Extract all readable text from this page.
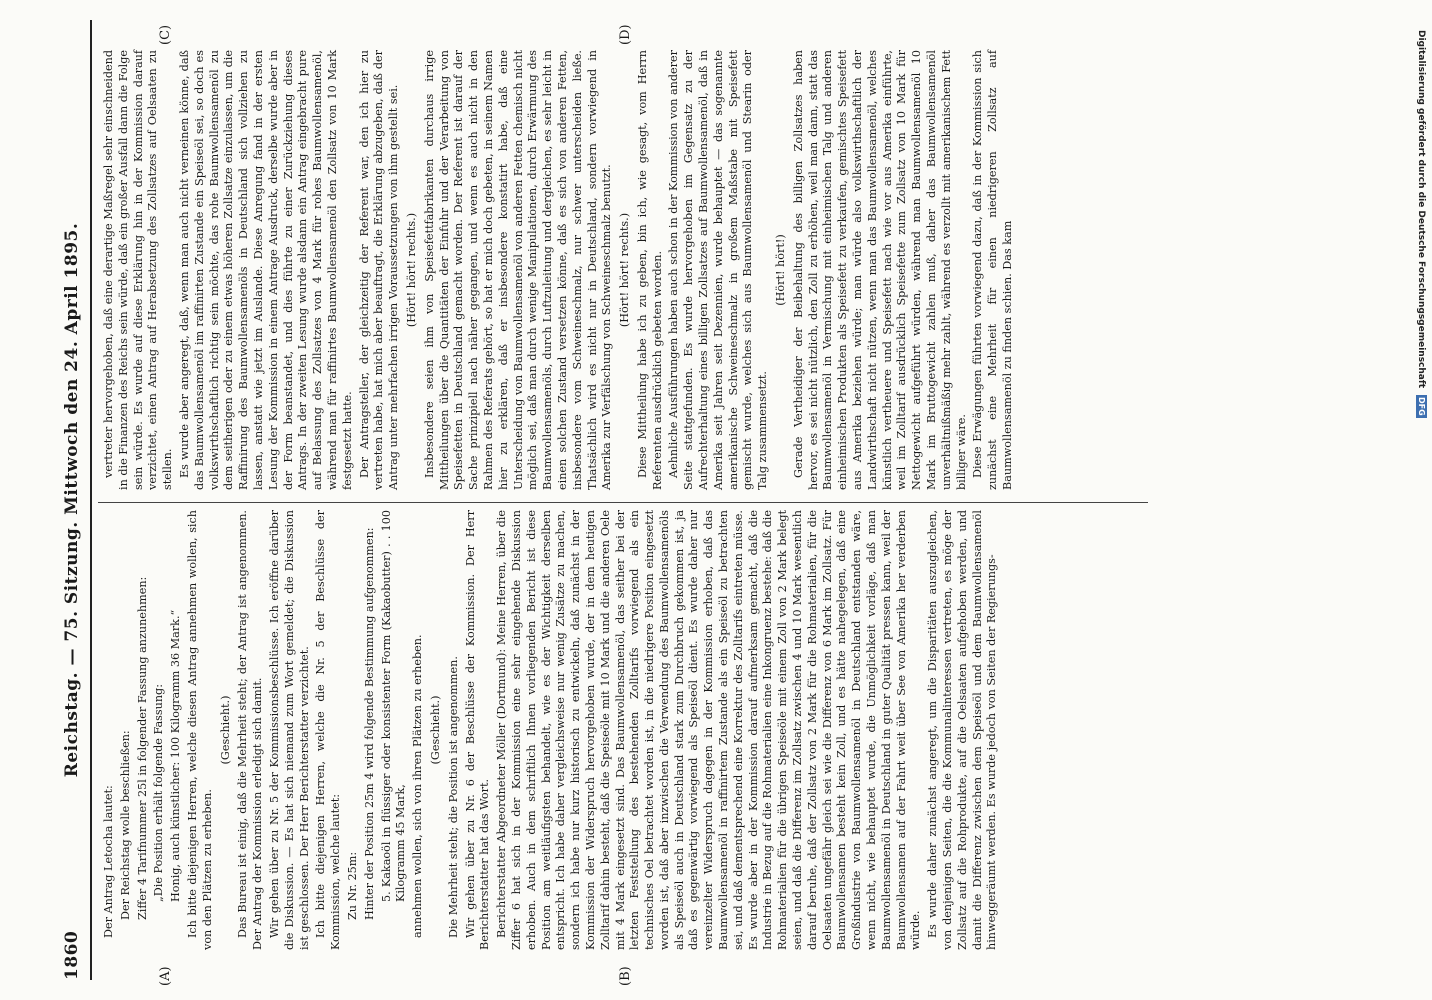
1860
Reichstag. — 75. Sitzung. Mittwoch den 24. April 1895.
(A)	(B)
(C)	(D)

Der Antrag Letocha lautet: Der Reichstag wolle beschließen: Ziffer 4 Tarifnummer 25l in folgender Fassung anzunehmen: „Die Position erhält folgende Fassung: Honig, auch künstlicher: 100 Kilogramm 36 Mark.“ Ich bitte diejenigen Herren, welche diesen Antrag annehmen wollen, sich von den Plätzen zu erheben.

(Geschieht.) Das Bureau ist einig, daß die Mehrheit steht; der Antrag ist angenommen. Der Antrag der Kommission erledigt sich damit. Wir gehen über zu Nr. 5 der Kommissionsbeschlüsse. Ich eröffne darüber die Diskussion. — Es hat sich niemand zum Wort gemeldet; die Diskussion ist geschlossen. Der Herr Berichterstatter verzichtet. Ich bitte diejenigen Herren, welche die Nr. 5 der Beschlüsse der Kommission, welche lautet: Zu Nr. 25m: Hinter der Position 25m 4 wird folgende Bestimmung aufgenommen: 5. Kakaoöl in flüssiger oder konsistenter Form (Kakaobutter) . . 100 Kilogramm 45 Mark, annehmen wollen, sich von ihren Plätzen zu erheben. (Geschieht.) Die Mehrheit steht; die Position ist angenommen. Wir gehen über zu Nr. 6 der Beschlüsse der Kommission. Der Herr Berichterstatter hat das Wort. Berichterstatter Abgeordneter Möller (Dortmund): Meine Herren, über die Ziffer 6 hat sich in der Kommission eine sehr eingehende Diskussion erhoben. Auch in dem schriftlich Ihnen vorliegenden Bericht ist diese Position am weitläufigsten behandelt, wie es der Wichtigkeit derselben entspricht. Ich habe daher vergleichsweise nur wenig Zusätze zu machen, sondern ich habe nur kurz historisch zu entwickeln, daß zunächst in der Kommission der Widerspruch hervorgehoben wurde, der in dem heutigen Zolltarif dahin besteht, daß die Speiseöle mit 10 Mark und die anderen Oele mit 4 Mark eingesetzt sind. Das Baumwollensamenöl, das seither bei der letzten Feststellung des bestehenden Zolltarifs vorwiegend als ein technisches Oel betrachtet worden ist, in die niedrigere Position eingesetzt worden ist, daß aber inzwischen die Verwendung des Baumwollensamenöls als Speiseöl auch in Deutschland stark zum Durchbruch gekommen ist, ja daß es gegenwärtig vorwiegend als Speiseöl dient. Es wurde daher nur vereinzelter Widerspruch dagegen in der Kommission erhoben, daß das Baumwollensamenöl in raffinirtem Zustande als ein Speiseöl zu betrachten sei, und daß dementsprechend eine Korrektur des Zolltarifs eintreten müsse. Es wurde aber in der Kommission darauf aufmerksam gemacht, daß die Industrie in Bezug auf die Rohmaterialien eine Inkongruenz bestehe: daß die Rohmaterialien für die übrigen Speiseöle mit einem Zoll von 2 Mark belegt seien, und daß die Differenz im Zollsatz zwischen 4 und 10 Mark wesentlich darauf beruhe, daß der Zollsatz von 2 Mark für die Rohmaterialien, für die Oelsaaten ungefähr gleich sei wie die Differenz von 6 Mark im Zollsatz. Für Baumwollensamen besteht kein Zoll, und es hätte nahegelegen, daß eine Großindustrie von Baumwollensamenöl in Deutschland entstanden wäre, wenn nicht, wie behauptet wurde, die Unmöglichkeit vorläge, daß man Baumwollensamenöl in Deutschland in guter Qualität pressen kann, weil der Baumwollensamen auf der Fahrt weit über See von Amerika her verderben würde. Es wurde daher zunächst angeregt, um die Disparitäten auszugleichen, von denjenigen Seiten, die die Kommunalinteressen vertreten, es möge der Zollsatz auf die Rohprodukte, auf die Oelsaaten aufgehoben werden, und damit die Differenz zwischen dem Speiseöl und dem Baumwollensamenöl hinweggeräumt werden. Es wurde jedoch von Seiten der Regierungs-

vertreter hervorgehoben, daß eine derartige Maßregel sehr einschneidend in die Finanzen des Reichs sein würde, daß ein großer Ausfall dann die Folge sein würde. Es wurde auf diese Erklärung hin in der Kommission darauf verzichtet, einen Antrag auf Herabsetzung des Zollsatzes auf Oelsaaten zu stellen. Es wurde aber angeregt, daß, wenn man auch nicht verneinen könne, daß das Baumwollensamenöl im raffinirten Zustande ein Speiseöl sei, so doch es volkswirthschaftlich richtig sein möchte, das rohe Baumwollensamenöl zu dem seitherigen oder zu einem etwas höheren Zollsatze einzulassen, um die Raffinirung des Baumwollensamenöls in Deutschland sich vollziehen zu lassen, anstatt wie jetzt im Auslande. Diese Anregung fand in der ersten Lesung der Kommission in einem Antrage Ausdruck, derselbe wurde aber in der Form beanstandet, und dies führte zu einer Zurückziehung dieses Antrags. In der zweiten Lesung wurde alsdann ein Antrag eingebracht pure auf Belassung des Zollsatzes von 4 Mark für rohes Baumwollensamenöl, während man für raffinirtes Baumwollensamenöl den Zollsatz von 10 Mark festgesetzt hatte. Der Antragsteller, der gleichzeitig der Referent war, den ich hier zu vertreten habe, hat mich aber beauftragt, die Erklärung abzugeben, daß der Antrag unter mehrfachen irrigen Voraussetzungen von ihm gestellt sei. (Hört! hört! rechts.) Insbesondere seien ihm von Speisefettfabrikanten durchaus irrige Mittheilungen über die Quantitäten der Einfuhr und der Verarbeitung von Speisefetten in Deutschland gemacht worden. Der Referent ist darauf der Sache prinzipiell nach näher gegangen, und wenn es auch nicht in den Rahmen des Referats gehört, so hat er mich doch gebeten, in seinem Namen hier zu erklären, daß er insbesondere konstatirt habe, daß eine Unterscheidung von Baumwollensamenöl von anderen Fetten chemisch nicht möglich sei, daß man durch wenige Manipulationen, durch Erwärmung des Baumwollensamenöls, durch Luftzuleitung und dergleichen, es sehr leicht in einen solchen Zustand versetzen könne, daß es sich von anderen Fetten, insbesondere vom Schweineschmalz, nur schwer unterscheiden ließe. Thatsächlich wird es nicht nur in Deutschland, sondern vorwiegend in Amerika zur Verfälschung von Schweineschmalz benutzt. (Hört! hört! rechts.) Diese Mittheilung habe ich zu geben, bin ich, wie gesagt, vom Herrn Referenten ausdrücklich gebeten worden. Aehnliche Ausführungen haben auch schon in der Kommission von anderer Seite stattgefunden. Es wurde hervorgehoben im Gegensatz zu der Aufrechterhaltung eines billigen Zollsatzes auf Baumwollensamenöl, daß in Amerika seit Jahren seit Dezennien, wurde behauptet — das sogenannte amerikanische Schweineschmalz in großem Maßstabe mit Speisefett gemischt wurde, welches sich aus Baumwollensamenöl und Stearin oder Talg zusammensetzt.

(Hört! hört!) Gerade Vertheidiger der Beibehaltung des billigen Zollsatzes haben hervor, es sei nicht nützlich, den Zoll zu erhöhen, weil man dann, statt das Baumwollensamenöl in Vermischung mit einheimischen Talg und anderen einheimischen Produkten als Speisefett zu verkaufen, gemischtes Speisefett aus Amerika beziehen würde; man würde also volkswirthschaftlich der Landwirthschaft nicht nützen, wenn man das Baumwollensamenöl, welches künstlich vertheuere und Speisefett nach wie vor aus Amerika einführte, weil im Zolltarif ausdrücklich Speisefette zum Zollsatz von 10 Mark für Nettogewicht aufgeführt würden, während man Baumwollensamenöl 10 Mark im Bruttogewicht zahlen muß, daher das Baumwollensamenöl unverhältnißmäßig mehr zahlt, während es verzollt mit amerikanischem Fett billiger wäre. Diese Erwägungen führten vorwiegend dazu, daß in der Kommission sich zunächst eine Mehrheit für einen niedrigeren Zollsatz auf Baumwollensamenöl zu finden schien. Das kam	Digitalisierung gefördert durch die Deutsche Forschungsgemeinschaft DFG
